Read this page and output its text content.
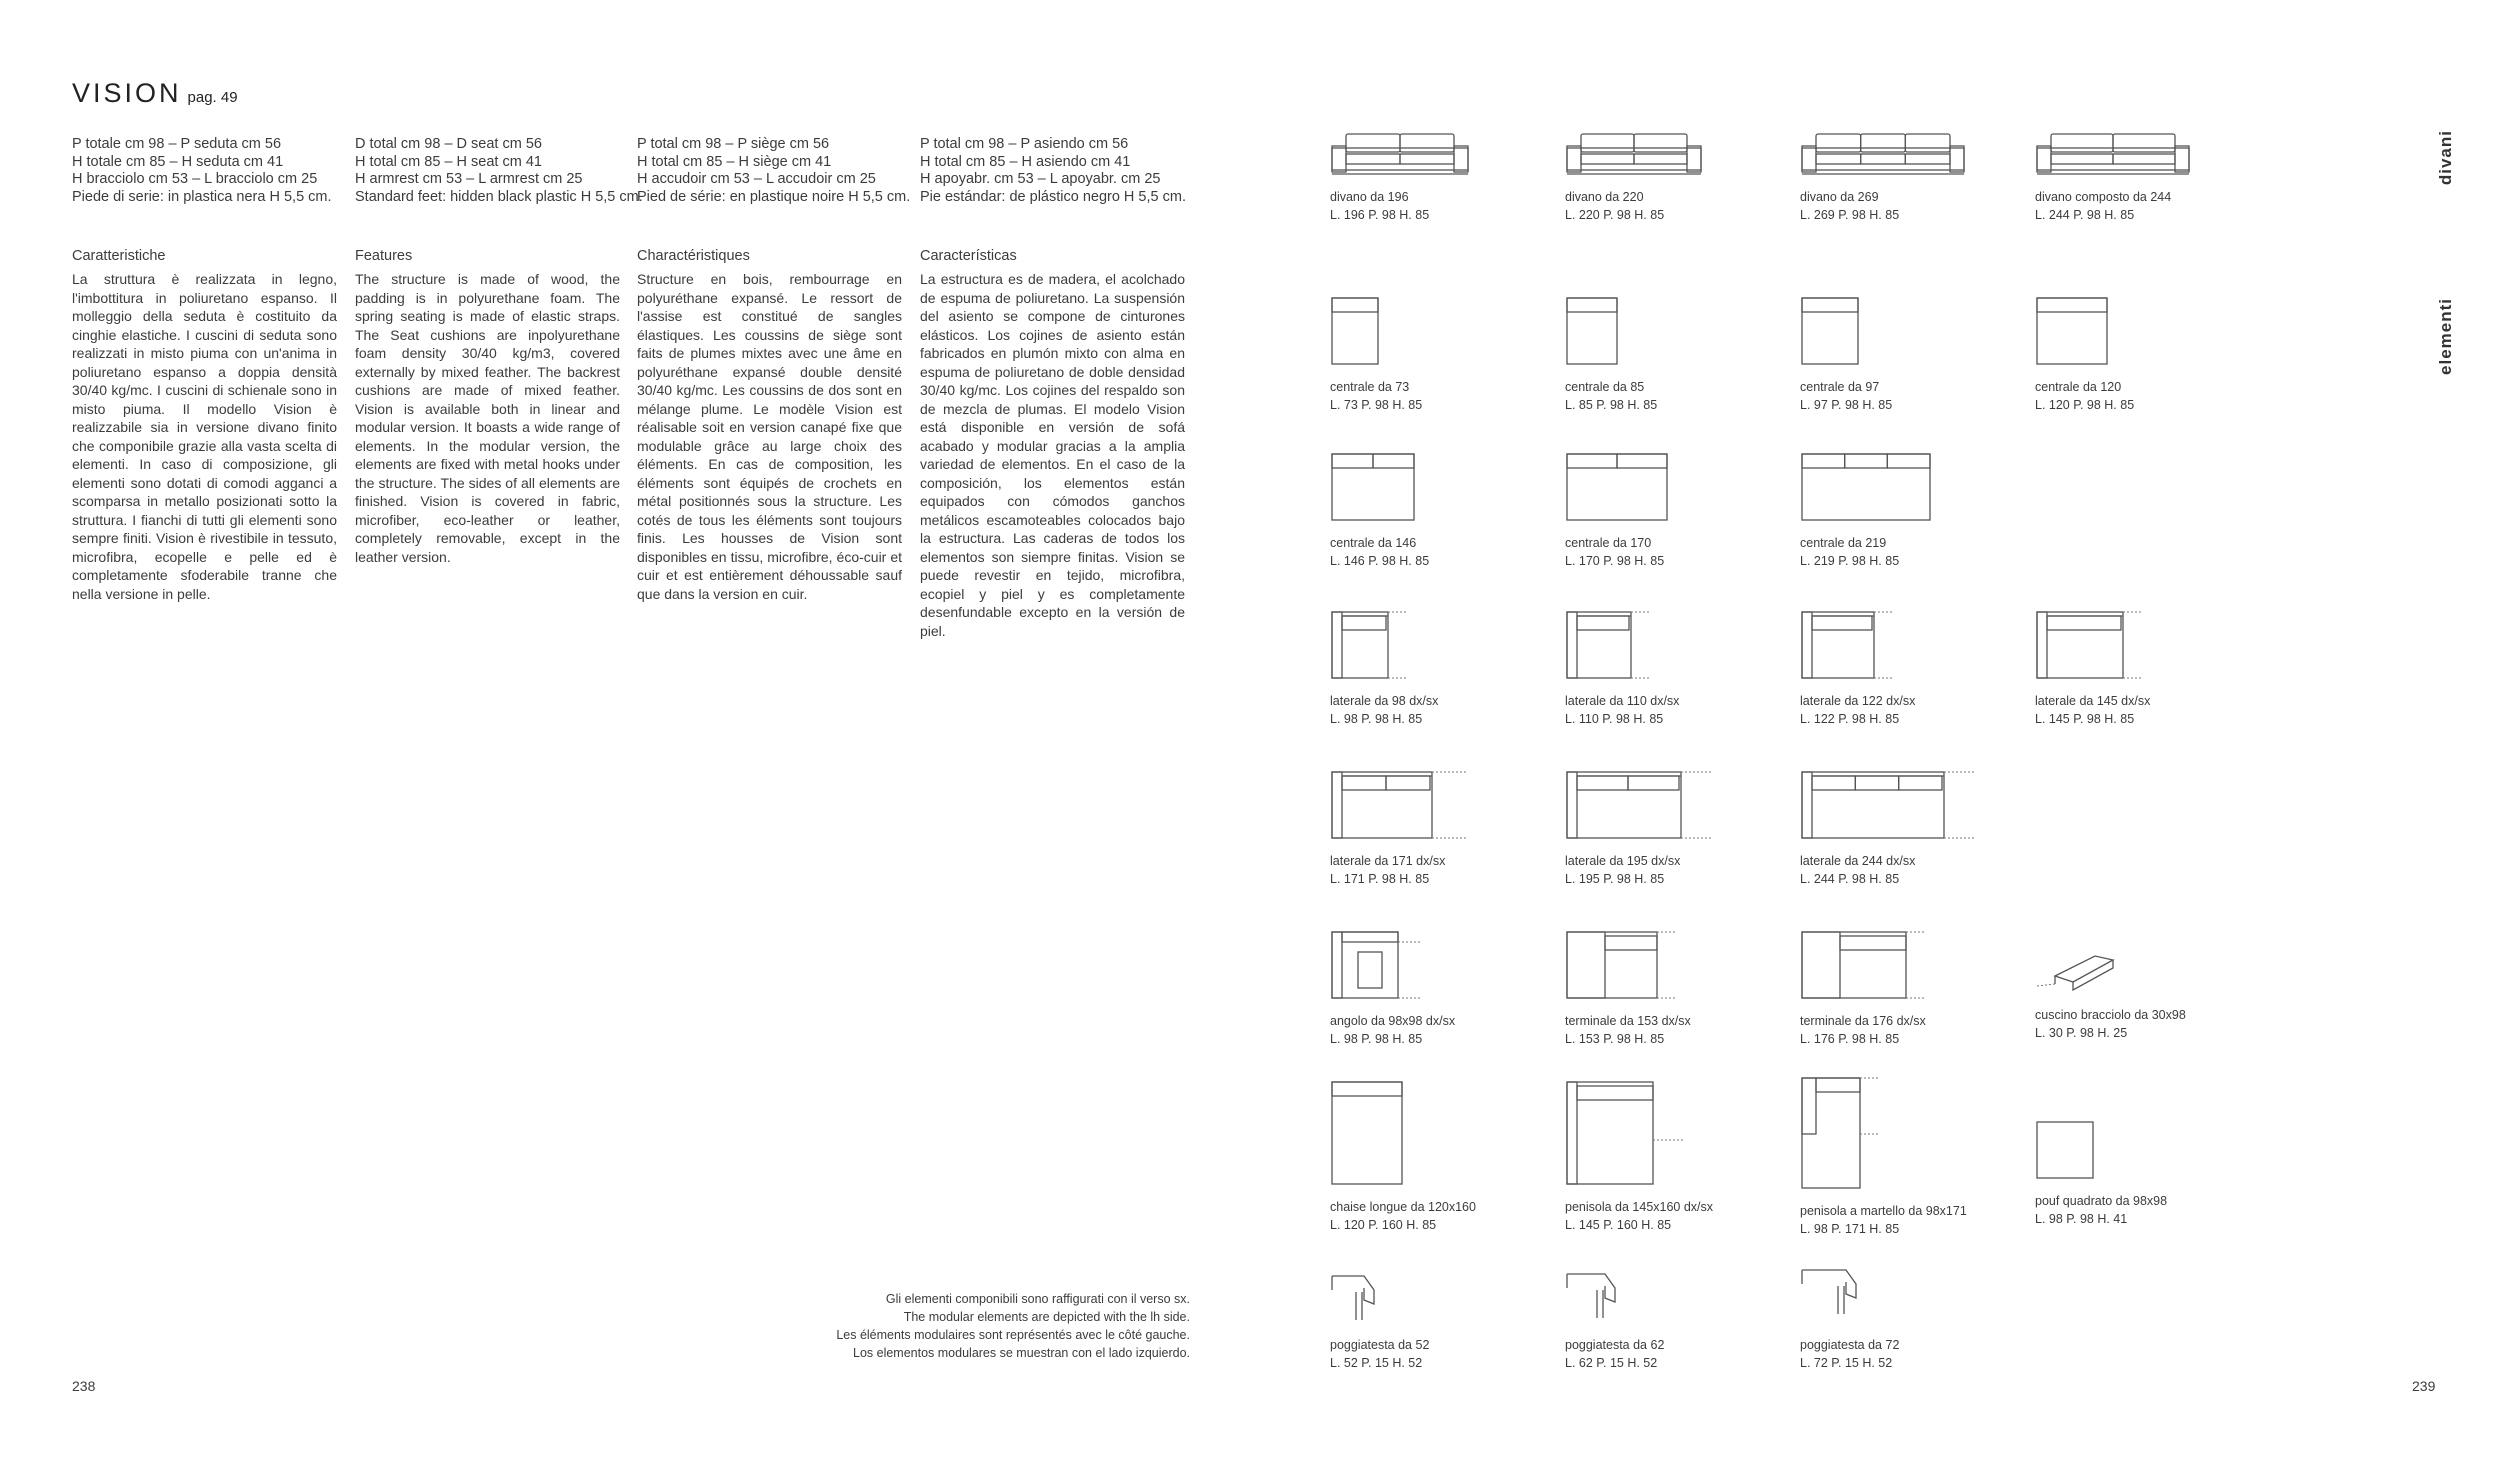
VISION pag. 49
P totale cm 98 – P seduta cm 56
H totale cm 85 – H seduta cm 41
H bracciolo cm 53 – L bracciolo cm 25
Piede di serie: in plastica nera H 5,5 cm.
D total cm 98 – D seat cm 56
H total cm 85 – H seat cm 41
H armrest cm 53 – L armrest cm 25
Standard feet: hidden black plastic H 5,5 cm.
P total cm 98 – P siège cm 56
H total cm 85 – H siège cm 41
H accudoir cm 53 – L accudoir cm 25
Pied de série: en plastique noire H 5,5 cm.
P total cm 98 – P asiendo cm 56
H total cm 85 – H asiendo cm 41
H apoyabr. cm 53 – L apoyabr. cm 25
Pie estándar: de plástico negro H 5,5 cm.
Caratteristiche	Features	Charactéristiques	Características
La struttura è realizzata in legno, l'imbottitura in poliuretano espanso. Il molleggio della seduta è costituito da cinghie elastiche. I cuscini di seduta sono realizzati in misto piuma con un'anima in poliuretano espanso a doppia densità 30/40 kg/mc. I cuscini di schienale sono in misto piuma. Il modello Vision è realizzabile sia in versione divano finito che componibile grazie alla vasta scelta di elementi. In caso di composizione, gli elementi sono dotati di comodi agganci a scomparsa in metallo posizionati sotto la struttura. I fianchi di tutti gli elementi sono sempre finiti. Vision è rivestibile in tessuto, microfibra, ecopelle e pelle ed è completamente sfoderabile tranne che nella versione in pelle.
The structure is made of wood, the padding is in polyurethane foam. The spring seating is made of elastic straps. The Seat cushions are inpolyurethane foam density 30/40 kg/m3, covered externally by mixed feather. The backrest cushions are made of mixed feather. Vision is available both in linear and modular version. It boasts a wide range of elements. In the modular version, the elements are fixed with metal hooks under the structure. The sides of all elements are finished. Vision is covered in fabric, microfiber, eco-leather or leather, completely removable, except in the leather version.
Structure en bois, rembourrage en polyuréthane expansé. Le ressort de l'assise est constitué de sangles élastiques. Les coussins de siège sont faits de plumes mixtes avec une âme en polyuréthane expansé double densité 30/40 kg/mc. Les coussins de dos sont en mélange plume. Le modèle Vision est réalisable soit en version canapé fixe que modulable grâce au large choix des éléments. En cas de composition, les éléments sont équipés de crochets en métal positionnés sous la structure. Les cotés de tous les éléments sont toujours finis. Les housses de Vision sont disponibles en tissu, microfibre, éco-cuir et cuir et est entièrement déhoussable sauf que dans la version en cuir.
La estructura es de madera, el acolchado de espuma de poliuretano. La suspensión del asiento se compone de cinturones elásticos. Los cojines de asiento están fabricados en plumón mixto con alma en espuma de poliuretano de doble densidad 30/40 kg/mc. Los cojines del respaldo son de mezcla de plumas. El modelo Vision está disponible en versión de sofá acabado y modular gracias a la amplia variedad de elementos. En el caso de la composición, los elementos están equipados con cómodos ganchos metálicos escamoteables colocados bajo la estructura. Las caderas de todos los elementos son siempre finitas. Vision se puede revestir en tejido, microfibra, ecopiel y piel y es completamente desenfundable excepto en la versión de piel.
Gli elementi componibili sono raffigurati con il verso sx.
The modular elements are depicted with the lh side.
Les éléments modulaires sont représentés avec le côté gauche.
Los elementos modulares se muestran con el lado izquierdo.
238	239
divani
elementi
divano da 196
L. 196 P. 98 H. 85
divano da 220
L. 220 P. 98 H. 85
divano da 269
L. 269 P. 98 H. 85
divano composto da 244
L. 244 P. 98 H. 85
centrale da 73
L. 73 P. 98 H. 85
centrale da 85
L. 85 P. 98 H. 85
centrale da 97
L. 97 P. 98 H. 85
centrale da 120
L. 120 P. 98 H. 85
centrale da 146
L. 146 P. 98 H. 85
centrale da 170
L. 170 P. 98 H. 85
centrale da 219
L. 219 P. 98 H. 85
laterale da 98 dx/sx
L. 98 P. 98 H. 85
laterale da 110 dx/sx
L. 110 P. 98 H. 85
laterale da 122 dx/sx
L. 122 P. 98 H. 85
laterale da 145 dx/sx
L. 145 P. 98 H. 85
laterale da 171 dx/sx
L. 171 P. 98 H. 85
laterale da 195 dx/sx
L. 195 P. 98 H. 85
laterale da 244 dx/sx
L. 244 P. 98 H. 85
angolo da 98x98 dx/sx
L. 98 P. 98 H. 85
terminale da 153 dx/sx
L. 153 P. 98 H. 85
terminale da 176 dx/sx
L. 176 P. 98 H. 85
cuscino bracciolo da 30x98
L. 30 P. 98 H. 25
chaise longue da 120x160
L. 120 P. 160 H. 85
penisola da 145x160 dx/sx
L. 145 P. 160 H. 85
penisola a martello da 98x171
L. 98 P. 171 H. 85
pouf quadrato da 98x98
L. 98 P. 98 H. 41
poggiatesta da 52
L. 52 P. 15 H. 52
poggiatesta da 62
L. 62 P. 15 H. 52
poggiatesta da 72
L. 72 P. 15 H. 52
